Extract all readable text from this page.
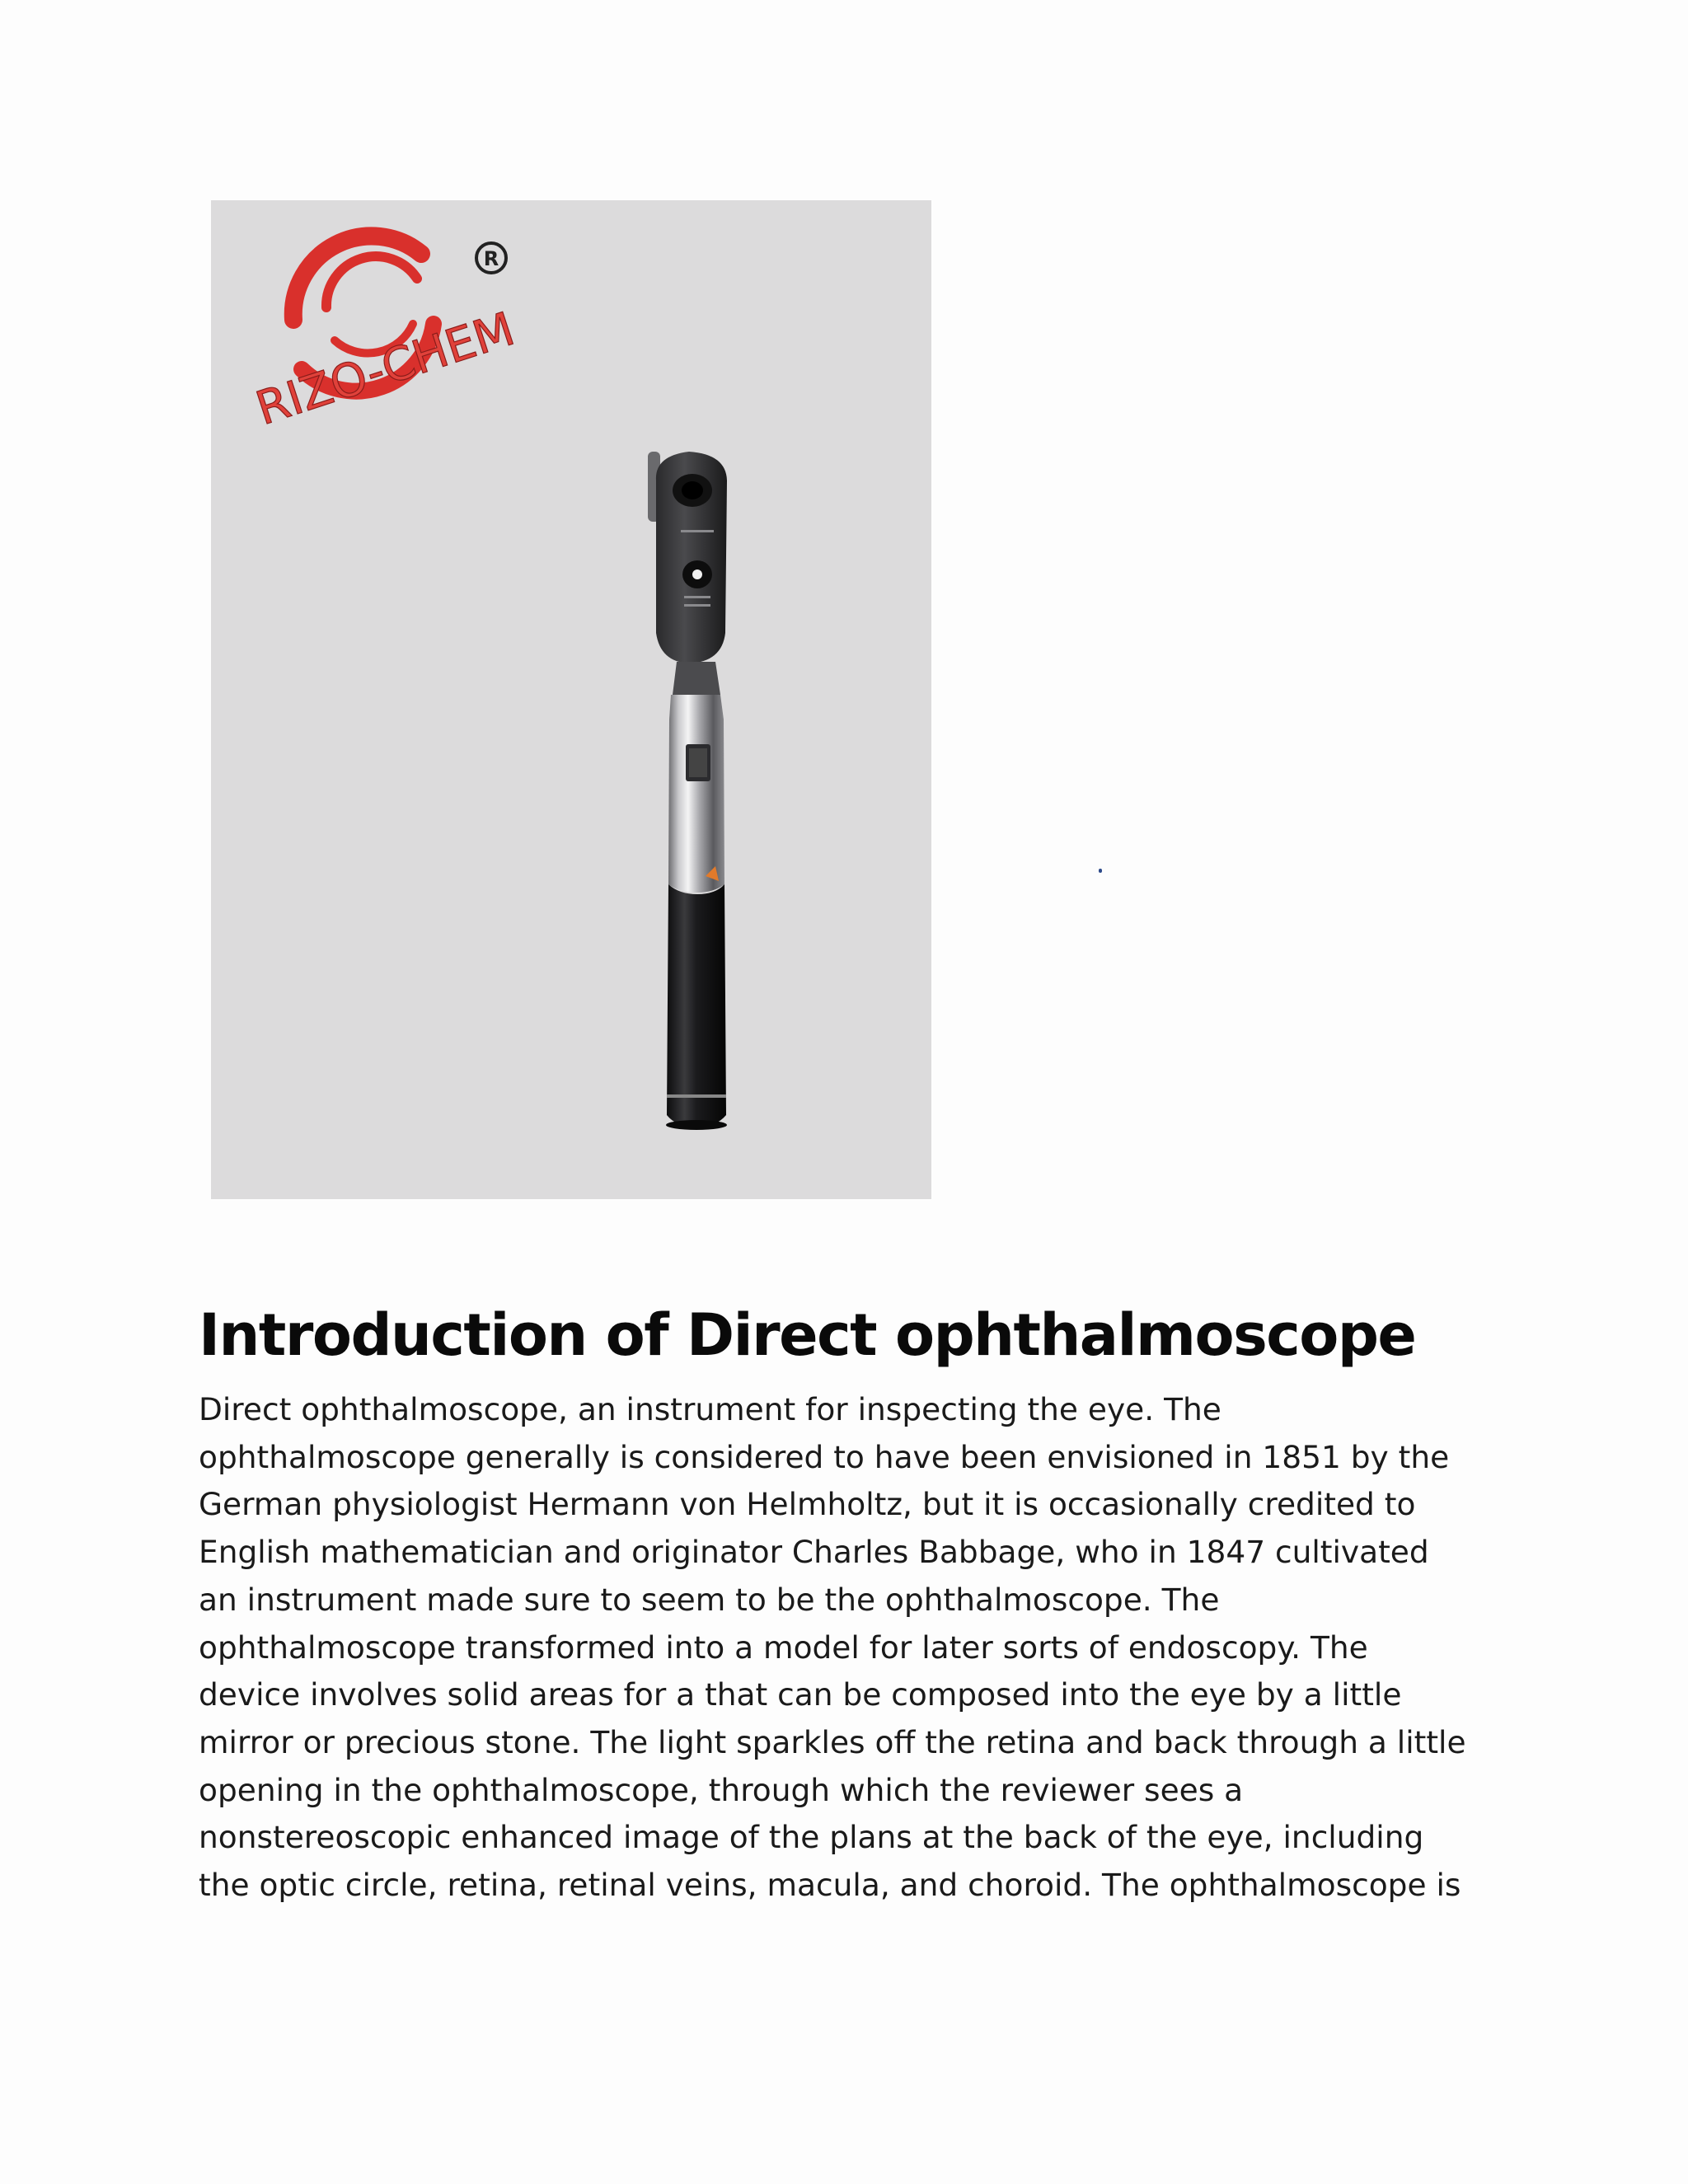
RIZO-CHEM
R
Introduction of Direct ophthalmoscope
Direct ophthalmoscope, an instrument for inspecting the eye. The
ophthalmoscope generally is considered to have been envisioned in 1851 by the
German physiologist Hermann von Helmholtz, but it is occasionally credited to
English mathematician and originator Charles Babbage, who in 1847 cultivated
an instrument made sure to seem to be the ophthalmoscope. The
ophthalmoscope transformed into a model for later sorts of endoscopy. The
device involves solid areas for a that can be composed into the eye by a little
mirror or precious stone. The light sparkles off the retina and back through a little
opening in the ophthalmoscope, through which the reviewer sees a
nonstereoscopic enhanced image of the plans at the back of the eye, including
the optic circle, retina, retinal veins, macula, and choroid. The ophthalmoscope is
